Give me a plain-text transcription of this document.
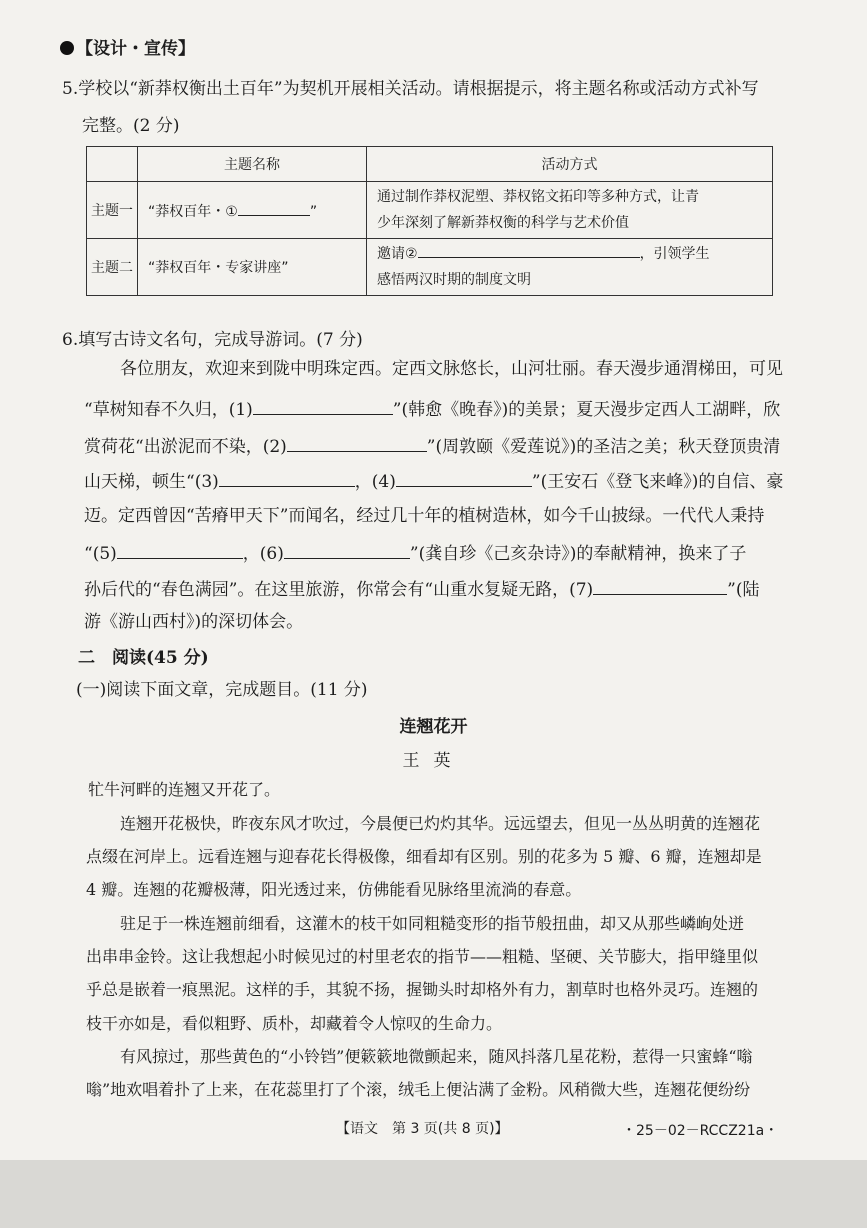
【设计・宣传】
5.学校以“新莽权衡出土百年”为契机开展相关活动。请根据提示，将主题名称或活动方式补写
完整。(2 分)
	主题名称	活动方式
主题一	“莽权百年・① ”	通过制作莽权泥塑、莽权铭文拓印等多种方式，让青
少年深刻了解新莽权衡的科学与艺术价值
主题二	“莽权百年・专家讲座”	邀请② ，引领学生
感悟两汉时期的制度文明
6.填写古诗文名句，完成导游词。(7 分)
各位朋友，欢迎来到陇中明珠定西。定西文脉悠长，山河壮丽。春天漫步通渭梯田，可见
“草树知春不久归，(1)	”(韩愈《晚春》)的美景；夏天漫步定西人工湖畔，欣
赏荷花“出淤泥而不染，(2)	”(周敦颐《爱莲说》)的圣洁之美；秋天登顶贵清
山天梯，顿生“(3)	，(4)	”(王安石《登飞来峰》)的自信、豪
迈。定西曾因“苦瘠甲天下”而闻名，经过几十年的植树造林，如今千山披绿。一代代人秉持
“(5)	，(6)	”(龚自珍《己亥杂诗》)的奉献精神，换来了子
孙后代的“春色满园”。在这里旅游，你常会有“山重水复疑无路，(7)	”(陆
游《游山西村》)的深切体会。
二　阅读(45 分)
(一)阅读下面文章，完成题目。(11 分)
连翘花开
王英
牤牛河畔的连翘又开花了。
连翘开花极快，昨夜东风才吹过，今晨便已灼灼其华。远远望去，但见一丛丛明黄的连翘花
点缀在河岸上。远看连翘与迎春花长得极像，细看却有区别。别的花多为 5 瓣、6 瓣，连翘却是
4 瓣。连翘的花瓣极薄，阳光透过来，仿佛能看见脉络里流淌的春意。
驻足于一株连翘前细看，这灌木的枝干如同粗糙变形的指节般扭曲，却又从那些嶙峋处迸
出串串金铃。这让我想起小时候见过的村里老农的指节——粗糙、坚硬、关节膨大，指甲缝里似
乎总是嵌着一痕黑泥。这样的手，其貌不扬，握锄头时却格外有力，割草时也格外灵巧。连翘的
枝干亦如是，看似粗野、质朴，却藏着令人惊叹的生命力。
有风掠过，那些黄色的“小铃铛”便簌簌地微颤起来，随风抖落几星花粉，惹得一只蜜蜂“嗡
嗡”地欢唱着扑了上来，在花蕊里打了个滚，绒毛上便沾满了金粉。风稍微大些，连翘花便纷纷
【语文　第 3 页(共 8 页)】	・25－02－RCCZ21a・
